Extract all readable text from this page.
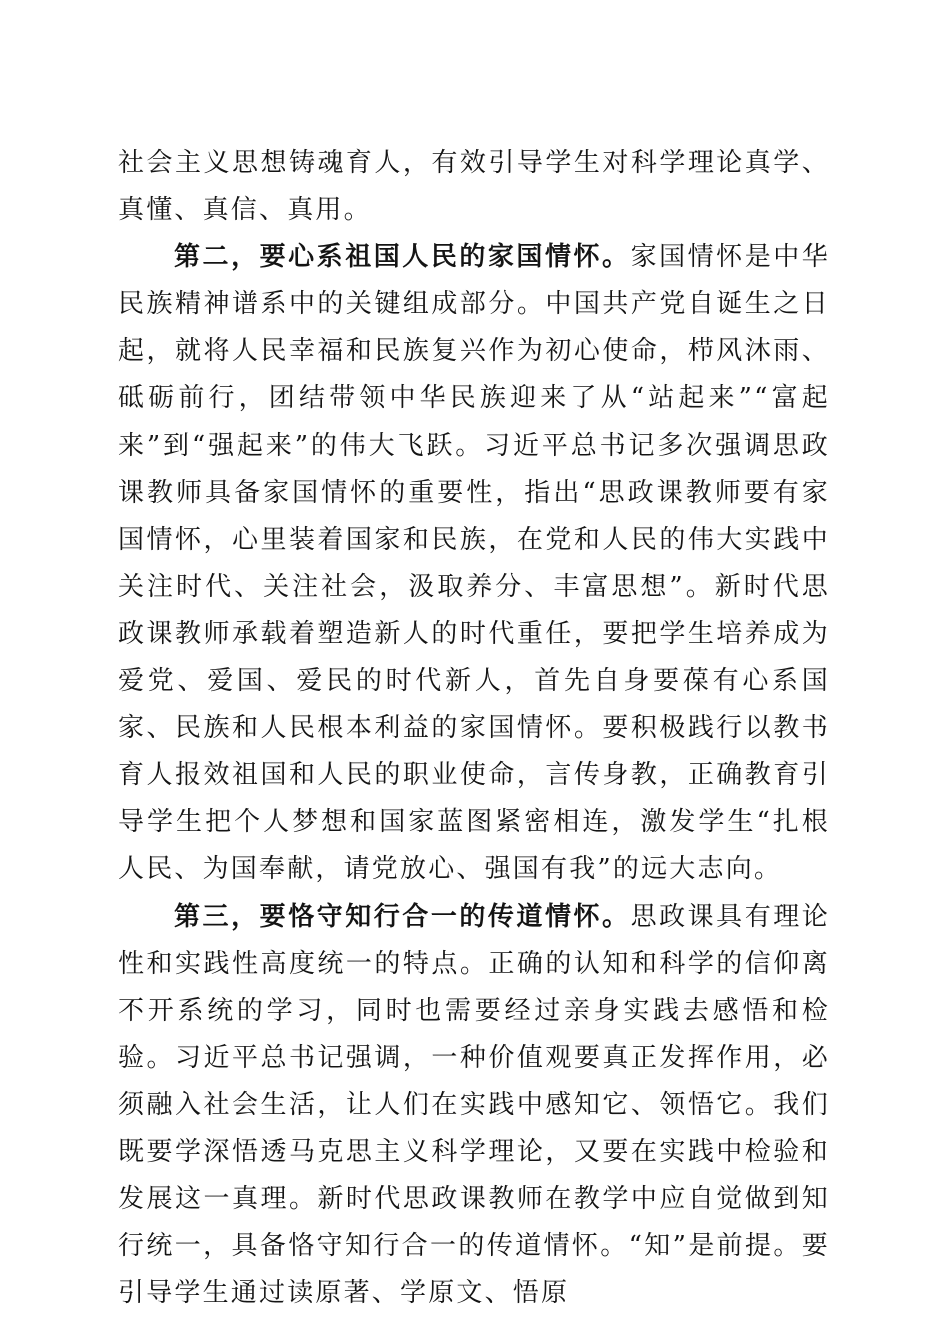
社会主义思想铸魂育人，有效引导学生对科学理论真学、真懂、真信、真用。

第二，要心系祖国人民的家国情怀。家国情怀是中华民族精神谱系中的关键组成部分。中国共产党自诞生之日起，就将人民幸福和民族复兴作为初心使命，栉风沐雨、砥砺前行，团结带领中华民族迎来了从“站起来”“富起来”到“强起来”的伟大飞跃。习近平总书记多次强调思政课教师具备家国情怀的重要性，指出“思政课教师要有家国情怀，心里装着国家和民族，在党和人民的伟大实践中关注时代、关注社会，汲取养分、丰富思想”。新时代思政课教师承载着塑造新人的时代重任，要把学生培养成为爱党、爱国、爱民的时代新人，首先自身要葆有心系国家、民族和人民根本利益的家国情怀。要积极践行以教书育人报效祖国和人民的职业使命，言传身教，正确教育引导学生把个人梦想和国家蓝图紧密相连，激发学生“扎根人民、为国奉献，请党放心、强国有我”的远大志向。

第三，要恪守知行合一的传道情怀。思政课具有理论性和实践性高度统一的特点。正确的认知和科学的信仰离不开系统的学习，同时也需要经过亲身实践去感悟和检验。习近平总书记强调，一种价值观要真正发挥作用，必须融入社会生活，让人们在实践中感知它、领悟它。我们既要学深悟透马克思主义科学理论，又要在实践中检验和发展这一真理。新时代思政课教师在教学中应自觉做到知行统一，具备恪守知行合一的传道情怀。“知”是前提。要引导学生通过读原著、学原文、悟原
